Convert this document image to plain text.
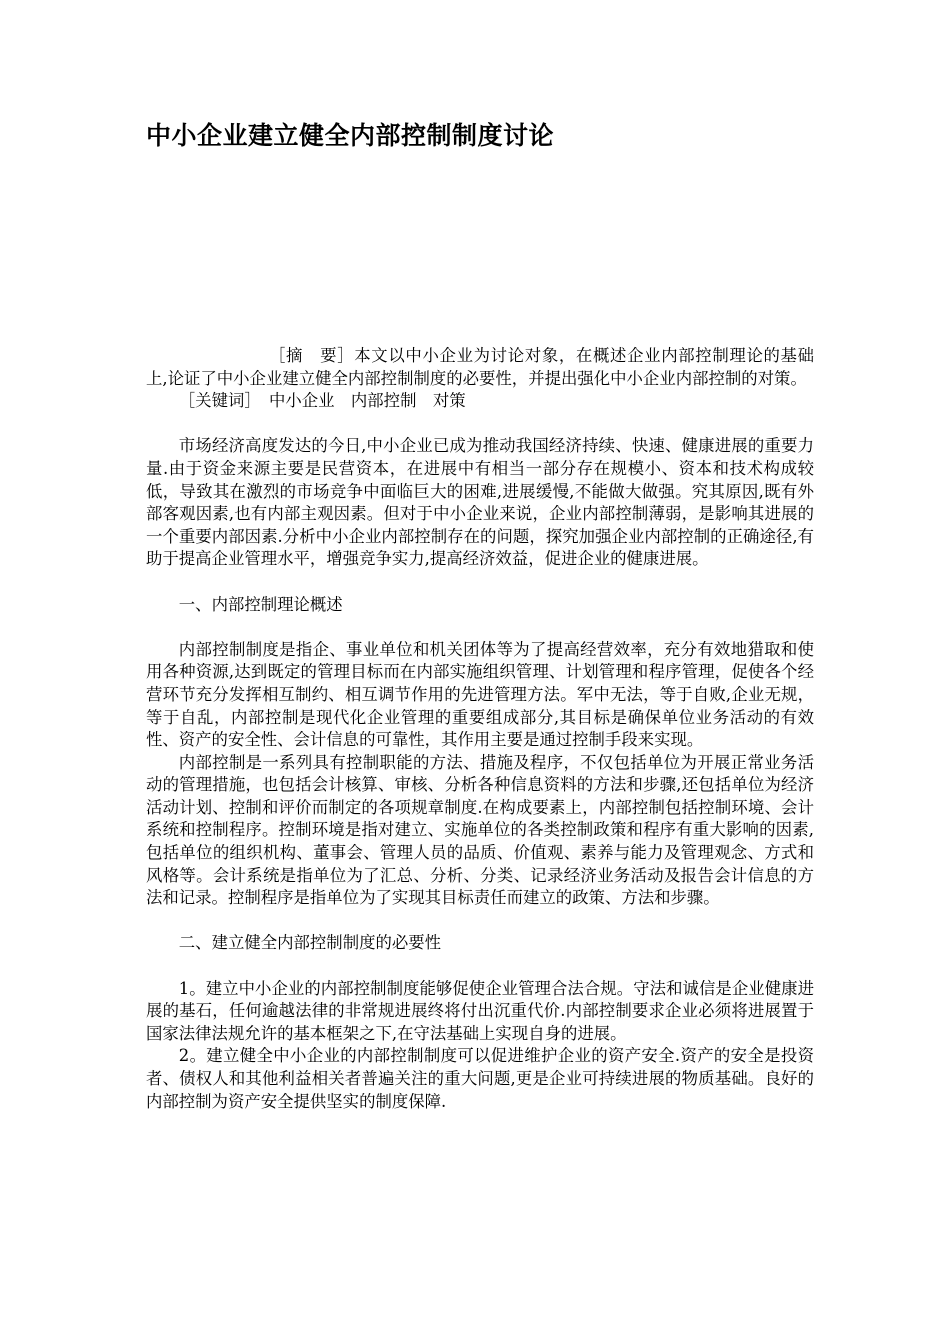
中小企业建立健全内部控制制度讨论

［摘　要］本文以中小企业为讨论对象，在概述企业内部控制理论的基础上,论证了中小企业建立健全内部控制制度的必要性，并提出强化中小企业内部控制的对策。

［关键词］　中小企业　内部控制　对策

市场经济高度发达的今日,中小企业已成为推动我国经济持续、快速、健康进展的重要力量.由于资金来源主要是民营资本，在进展中有相当一部分存在规模小、资本和技术构成较低，导致其在激烈的市场竞争中面临巨大的困难,进展缓慢,不能做大做强。究其原因,既有外部客观因素,也有内部主观因素。但对于中小企业来说，企业内部控制薄弱，是影响其进展的一个重要内部因素.分析中小企业内部控制存在的问题，探究加强企业内部控制的正确途径,有助于提高企业管理水平，增强竞争实力,提高经济效益，促进企业的健康进展。

一、内部控制理论概述

内部控制制度是指企、事业单位和机关团体等为了提高经营效率，充分有效地猎取和使用各种资源,达到既定的管理目标而在内部实施组织管理、计划管理和程序管理，促使各个经营环节充分发挥相互制约、相互调节作用的先进管理方法。军中无法，等于自败,企业无规，等于自乱，内部控制是现代化企业管理的重要组成部分,其目标是确保单位业务活动的有效性、资产的安全性、会计信息的可靠性，其作用主要是通过控制手段来实现。

内部控制是一系列具有控制职能的方法、措施及程序，不仅包括单位为开展正常业务活动的管理措施，也包括会计核算、审核、分析各种信息资料的方法和步骤,还包括单位为经济活动计划、控制和评价而制定的各项规章制度.在构成要素上，内部控制包括控制环境、会计系统和控制程序。控制环境是指对建立、实施单位的各类控制政策和程序有重大影响的因素,包括单位的组织机构、董事会、管理人员的品质、价值观、素养与能力及管理观念、方式和风格等。会计系统是指单位为了汇总、分析、分类、记录经济业务活动及报告会计信息的方法和记录。控制程序是指单位为了实现其目标责任而建立的政策、方法和步骤。

二、建立健全内部控制制度的必要性

1。建立中小企业的内部控制制度能够促使企业管理合法合规。守法和诚信是企业健康进展的基石，任何逾越法律的非常规进展终将付出沉重代价.内部控制要求企业必须将进展置于国家法律法规允许的基本框架之下,在守法基础上实现自身的进展。

2。建立健全中小企业的内部控制制度可以促进维护企业的资产安全.资产的安全是投资者、债权人和其他利益相关者普遍关注的重大问题,更是企业可持续进展的物质基础。良好的内部控制为资产安全提供坚实的制度保障.
